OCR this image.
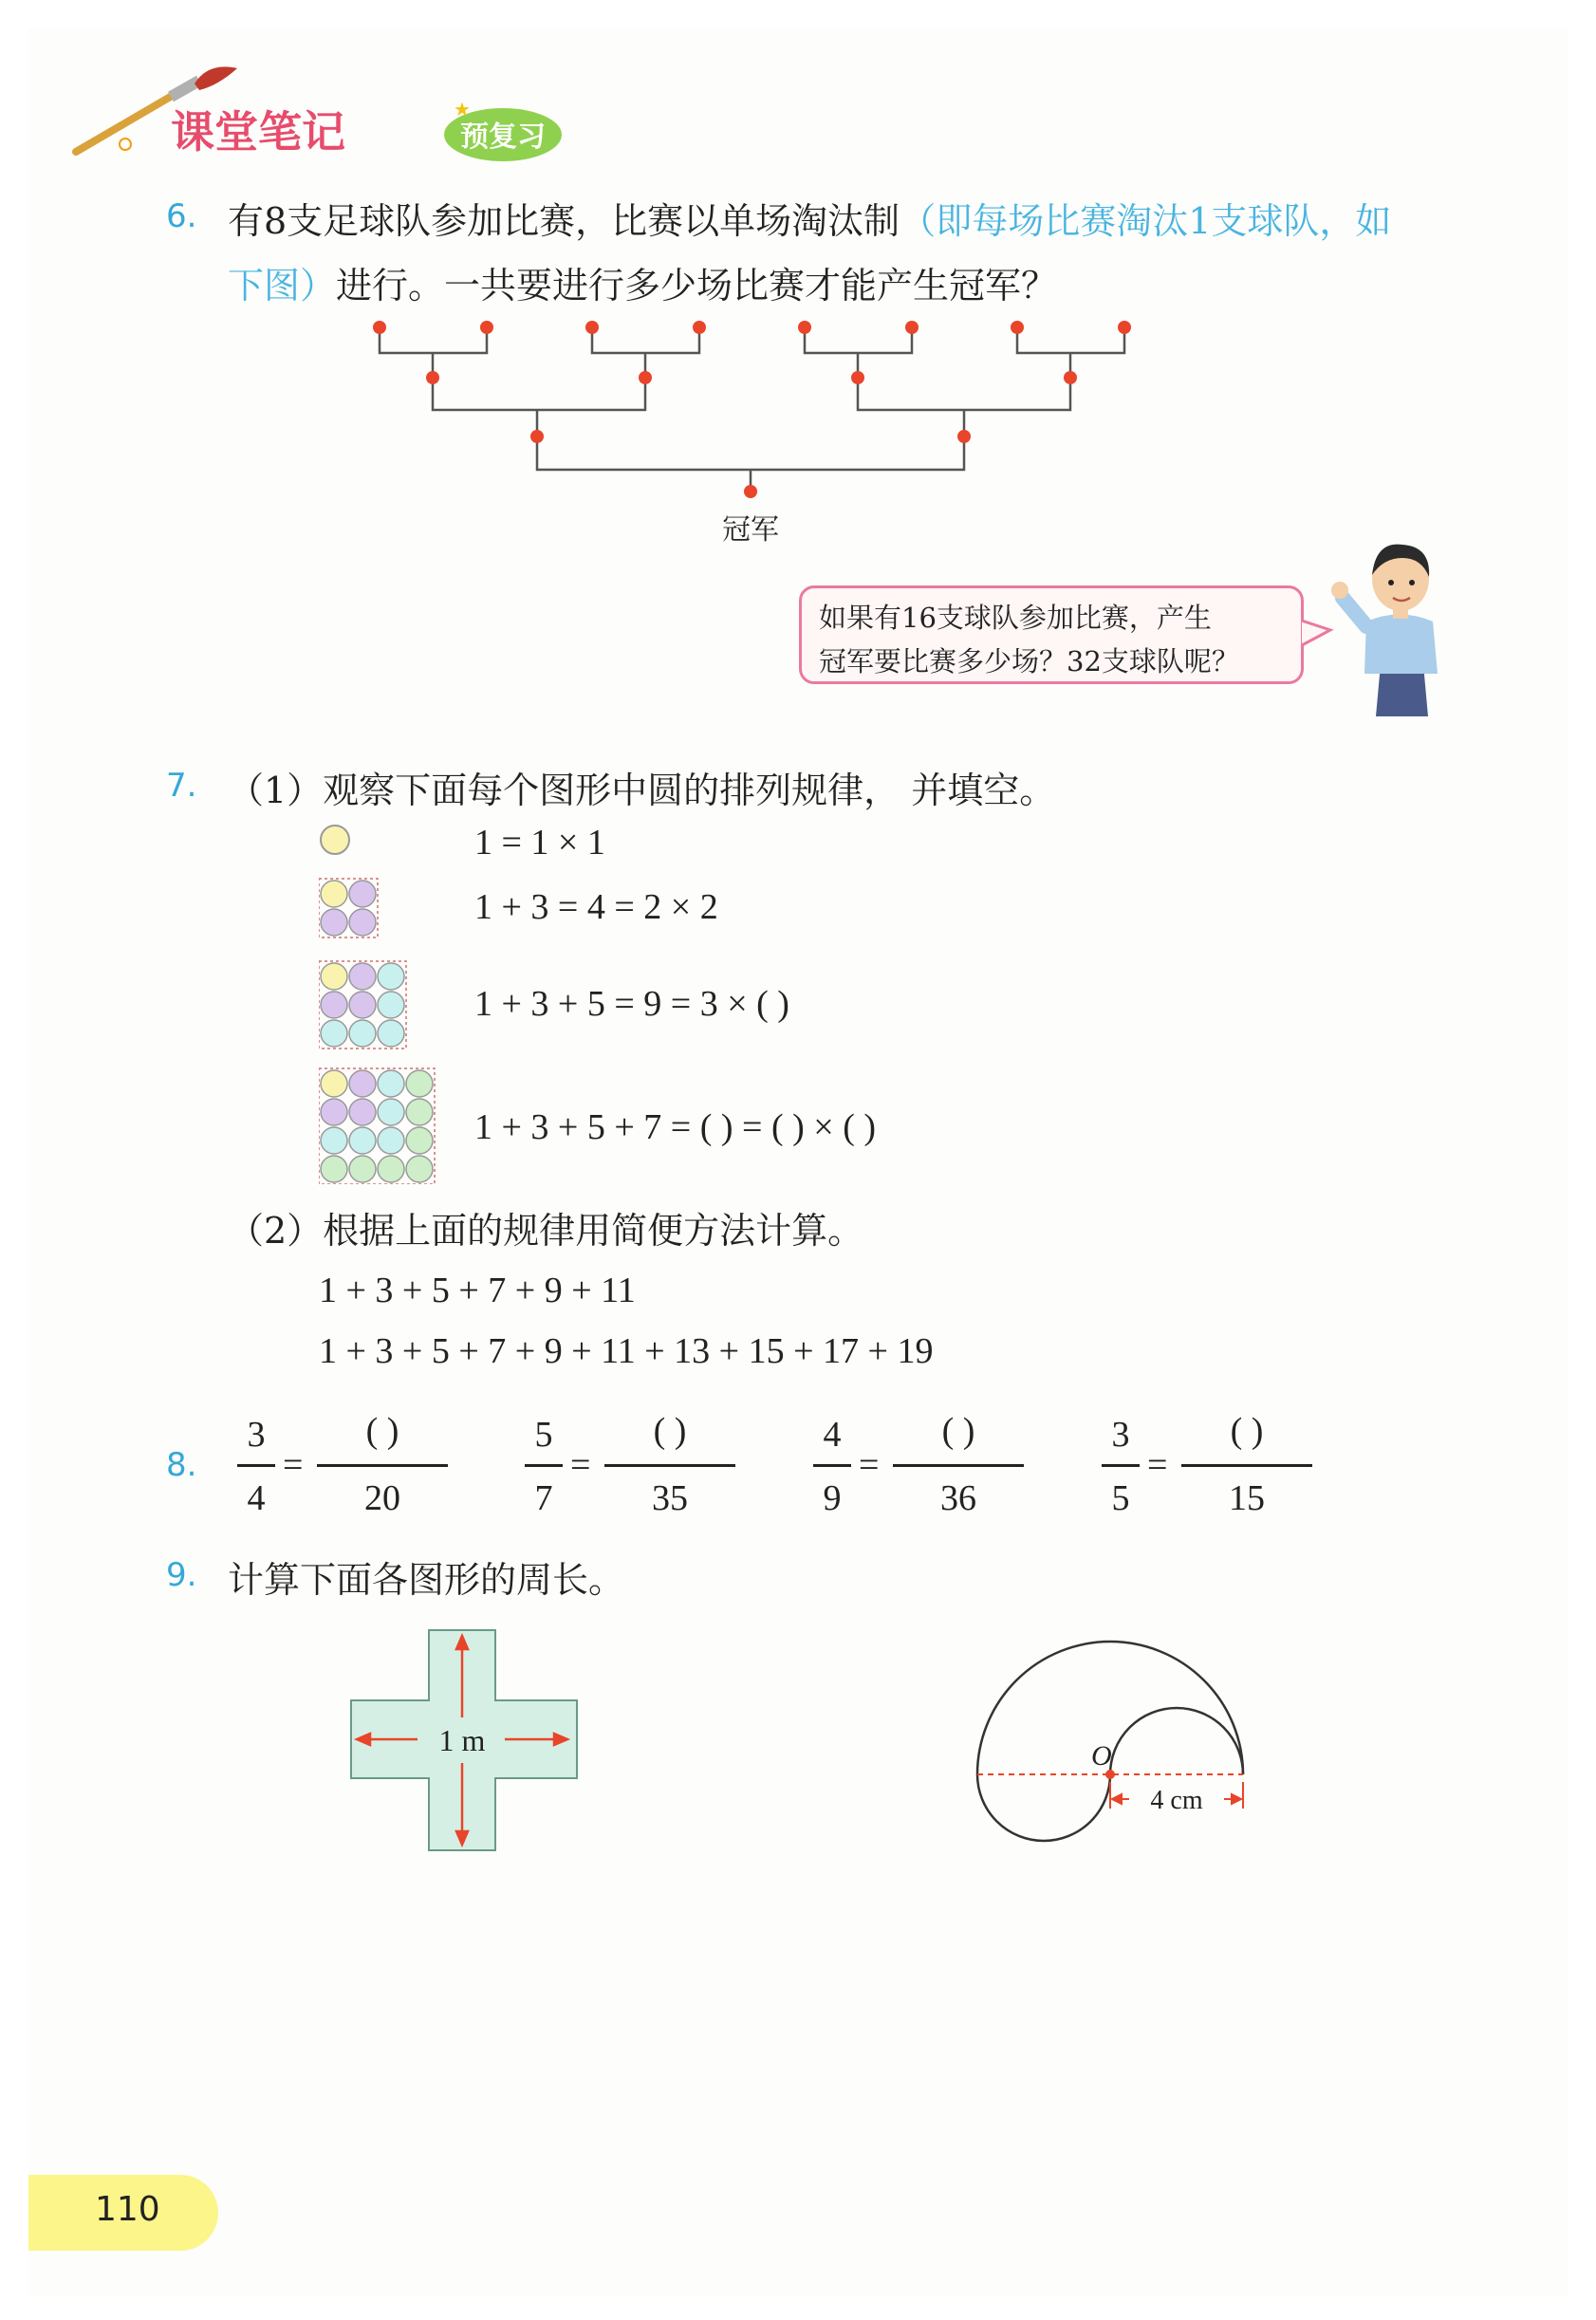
课堂笔记	预复习
★
6. 有8支足球队参加比赛，比赛以单场淘汰制（即每场比赛淘汰1支球队，如
下图）进行。一共要进行多少场比赛才能产生冠军？
冠军
如果有16支球队参加比赛，产生
冠军要比赛多少场？32支球队呢？
7. （1）观察下面每个图形中圆的排列规律， 并填空。
1 = 1 × 1
1 + 3 = 4 = 2 × 2
1 + 3 + 5 = 9 = 3 × ( )
1 + 3 + 5 + 7 = ( ) = ( ) × ( )
（2）根据上面的规律用简便方法计算。
1 + 3 + 5 + 7 + 9 + 11
1 + 3 + 5 + 7 + 9 + 11 + 13 + 15 + 17 + 19
8.
3
4
=
( )
20
5
7
=
( )
35
4
9
=
( )
36
3
5
=
( )
15
9. 计算下面各图形的周长。
1 m	O
4 cm
110
